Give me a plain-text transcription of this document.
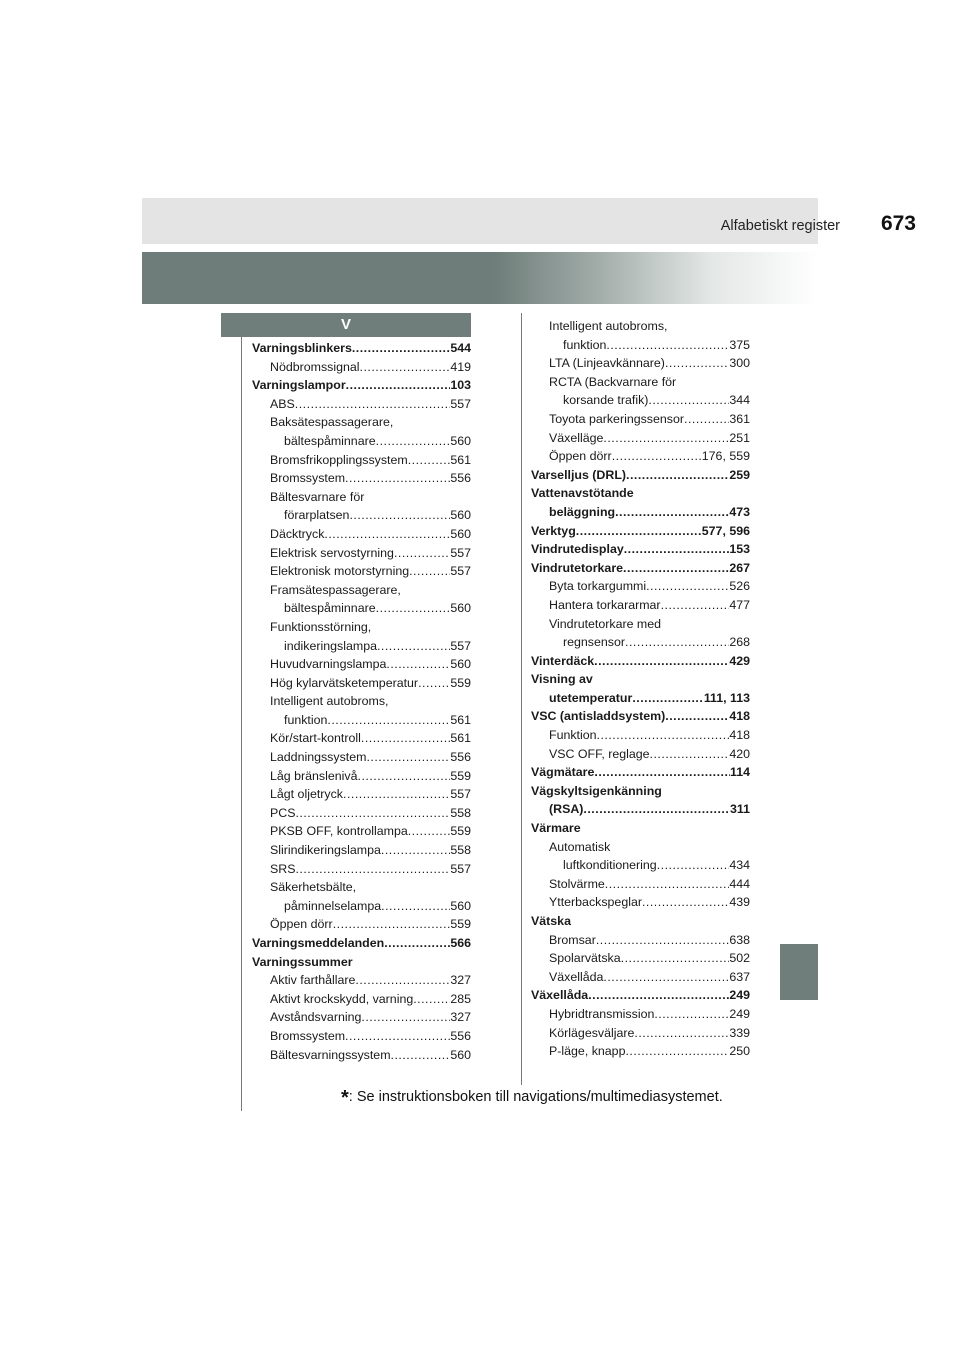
Alfabetiskt register 673
V
Varningsblinkers .....	544
Nödbromssignal .....	419
Varningslampor .....	103
ABS .....	557
Baksätespassagerare,
bältespåminnare .....	560
Bromsfrikopplingssystem .....	561
Bromssystem .....	556
Bältesvarnare för
förarplatsen .....	560
Däcktryck .....	560
Elektrisk servostyrning .....	557
Elektronisk motorstyrning .....	557
Framsätespassagerare,
bältespåminnare .....	560
Funktionsstörning,
indikeringslampa .....	557
Huvudvarningslampa .....	560
Hög kylarvätsketemperatur .....	559
Intelligent autobroms,
funktion .....	561
Kör/start-kontroll .....	561
Laddningssystem .....	556
Låg bränslenivå .....	559
Lågt oljetryck .....	557
PCS .....	558
PKSB OFF, kontrollampa .....	559
Slirindikeringslampa .....	558
SRS .....	557
Säkerhetsbälte,
påminnelselampa .....	560
Öppen dörr .....	559
Varningsmeddelanden .....	566
Varningssummer
Aktiv farthållare .....	327
Aktivt krockskydd, varning .....	285
Avståndsvarning .....	327
Bromssystem .....	556
Bältesvarningssystem .....	560
Intelligent autobroms,
funktion .....	375
LTA (Linjeavkännare) .....	300
RCTA (Backvarnare för
korsande trafik) .....	344
Toyota parkeringssensor .....	361
Växelläge .....	251
Öppen dörr .....	176, 559
Varselljus (DRL) .....	259
Vattenavstötande
beläggning .....	473
Verktyg .....	577, 596
Vindrutedisplay .....	153
Vindrutetorkare .....	267
Byta torkargummi .....	526
Hantera torkararmar .....	477
Vindrutetorkare med
regnsensor .....	268
Vinterdäck .....	429
Visning av
utetemperatur .....	111, 113
VSC (antisladdsystem) .....	418
Funktion .....	418
VSC OFF, reglage .....	420
Vägmätare .....	114
Vägskyltsigenkänning
(RSA) .....	311
Värmare
Automatisk
luftkonditionering .....	434
Stolvärme .....	444
Ytterbackspeglar .....	439
Vätska
Bromsar .....	638
Spolarvätska .....	502
Växellåda .....	637
Växellåda .....	249
Hybridtransmission .....	249
Körlägesväljare .....	339
P-läge, knapp .....	250
*: Se instruktionsboken till navigations/multimediasystemet.
